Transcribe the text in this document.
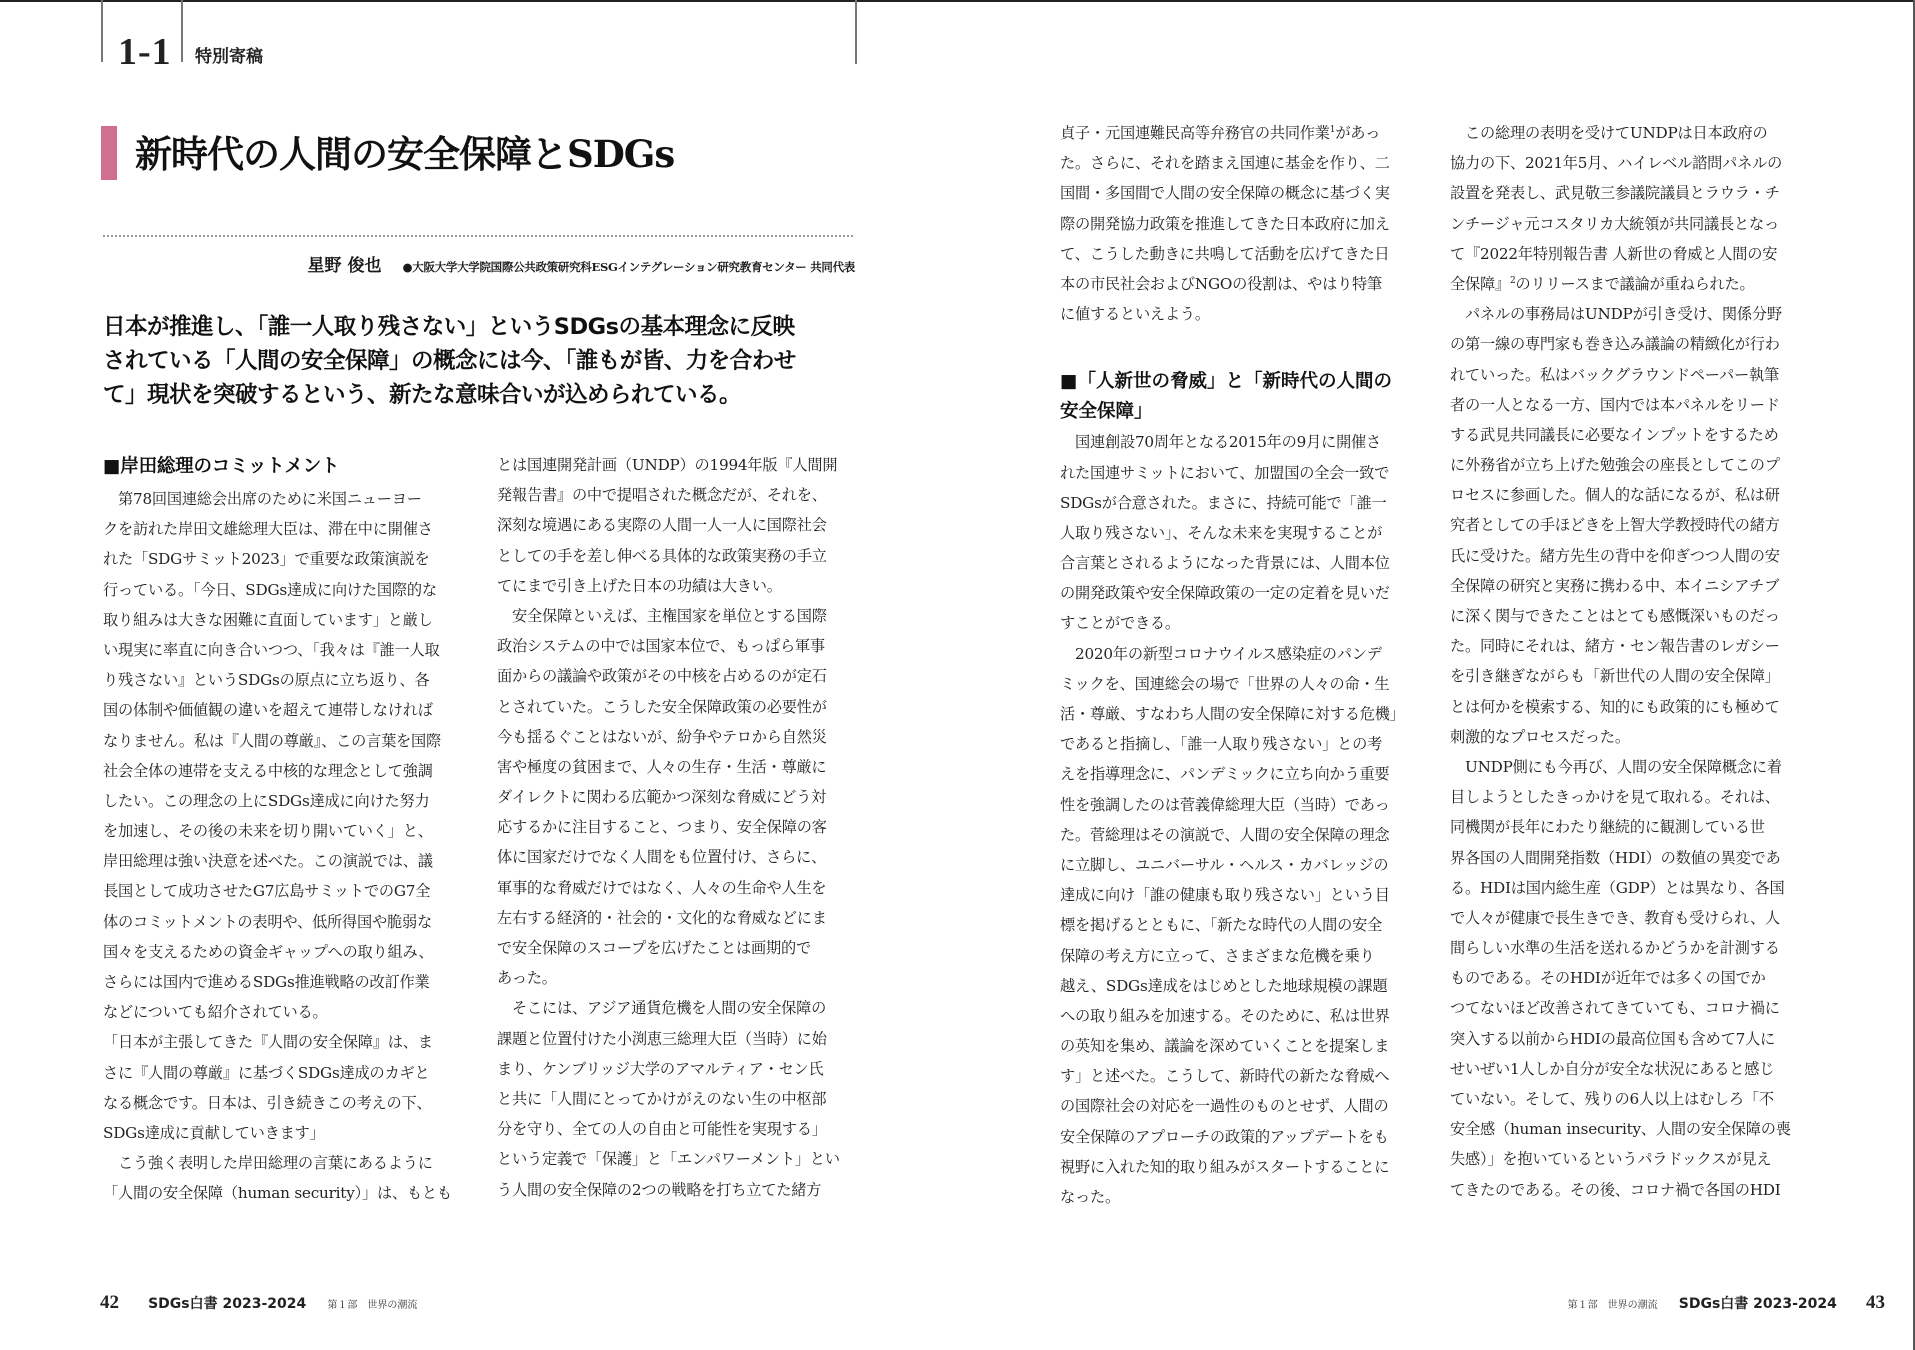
1-1 特別寄稿
新時代の人間の安全保障とSDGs
星野 俊也 ●大阪大学大学院国際公共政策研究科ESGインテグレーション研究教育センター 共同代表
日本が推進し、「誰一人取り残さない」というSDGsの基本理念に反映
されている「人間の安全保障」の概念には今、「誰もが皆、力を合わせ
て」現状を突破するという、新たな意味合いが込められている。
■岸田総理のコミットメント
　第78回国連総会出席のために米国ニューヨー
クを訪れた岸田文雄総理大臣は、滞在中に開催さ
れた「SDGサミット2023」で重要な政策演説を
行っている。「今日、SDGs達成に向けた国際的な
取り組みは大きな困難に直面しています」と厳し
い現実に率直に向き合いつつ、「我々は『誰一人取
り残さない』というSDGsの原点に立ち返り、各
国の体制や価値観の違いを超えて連帯しなければ
なりません。私は『人間の尊厳』、この言葉を国際
社会全体の連帯を支える中核的な理念として強調
したい。この理念の上にSDGs達成に向けた努力
を加速し、その後の未来を切り開いていく」と、
岸田総理は強い決意を述べた。この演説では、議
長国として成功させたG7広島サミットでのG7全
体のコミットメントの表明や、低所得国や脆弱な
国々を支えるための資金ギャップへの取り組み、
さらには国内で進めるSDGs推進戦略の改訂作業
などについても紹介されている。
「日本が主張してきた『人間の安全保障』は、ま
さに『人間の尊厳』に基づくSDGs達成のカギと
なる概念です。日本は、引き続きこの考えの下、
SDGs達成に貢献していきます」
　こう強く表明した岸田総理の言葉にあるように
「人間の安全保障（human security）」は、もとも
とは国連開発計画（UNDP）の1994年版『人間開
発報告書』の中で提唱された概念だが、それを、
深刻な境遇にある実際の人間一人一人に国際社会
としての手を差し伸べる具体的な政策実務の手立
てにまで引き上げた日本の功績は大きい。
　安全保障といえば、主権国家を単位とする国際
政治システムの中では国家本位で、もっぱら軍事
面からの議論や政策がその中核を占めるのが定石
とされていた。こうした安全保障政策の必要性が
今も揺るぐことはないが、紛争やテロから自然災
害や極度の貧困まで、人々の生存・生活・尊厳に
ダイレクトに関わる広範かつ深刻な脅威にどう対
応するかに注目すること、つまり、安全保障の客
体に国家だけでなく人間をも位置付け、さらに、
軍事的な脅威だけではなく、人々の生命や人生を
左右する経済的・社会的・文化的な脅威などにま
で安全保障のスコープを広げたことは画期的で
あった。
　そこには、アジア通貨危機を人間の安全保障の
課題と位置付けた小渕恵三総理大臣（当時）に始
まり、ケンブリッジ大学のアマルティア・セン氏
と共に「人間にとってかけがえのない生の中枢部
分を守り、全ての人の自由と可能性を実現する」
という定義で「保護」と「エンパワーメント」とい
う人間の安全保障の2つの戦略を打ち立てた緒方
貞子・元国連難民高等弁務官の共同作業$^1$があっ
た。さらに、それを踏まえ国連に基金を作り、二
国間・多国間で人間の安全保障の概念に基づく実
際の開発協力政策を推進してきた日本政府に加え
て、こうした動きに共鳴して活動を広げてきた日
本の市民社会およびNGOの役割は、やはり特筆
に値するといえよう。
■「人新世の脅威」と「新時代の人間の
安全保障」
　国連創設70周年となる2015年の9月に開催さ
れた国連サミットにおいて、加盟国の全会一致で
SDGsが合意された。まさに、持続可能で「誰一
人取り残さない」、そんな未来を実現することが
合言葉とされるようになった背景には、人間本位
の開発政策や安全保障政策の一定の定着を見いだ
すことができる。
　2020年の新型コロナウイルス感染症のパンデ
ミックを、国連総会の場で「世界の人々の命・生
活・尊厳、すなわち人間の安全保障に対する危機」
であると指摘し、「誰一人取り残さない」との考
えを指導理念に、パンデミックに立ち向かう重要
性を強調したのは菅義偉総理大臣（当時）であっ
た。菅総理はその演説で、人間の安全保障の理念
に立脚し、ユニバーサル・ヘルス・カバレッジの
達成に向け「誰の健康も取り残さない」という目
標を掲げるとともに、「新たな時代の人間の安全
保障の考え方に立って、さまざまな危機を乗り
越え、SDGs達成をはじめとした地球規模の課題
への取り組みを加速する。そのために、私は世界
の英知を集め、議論を深めていくことを提案しま
す」と述べた。こうして、新時代の新たな脅威へ
の国際社会の対応を一過性のものとせず、人間の
安全保障のアプローチの政策的アップデートをも
視野に入れた知的取り組みがスタートすることに
なった。
　この総理の表明を受けてUNDPは日本政府の
協力の下、2021年5月、ハイレベル諮問パネルの
設置を発表し、武見敬三参議院議員とラウラ・チ
ンチージャ元コスタリカ大統領が共同議長となっ
て『2022年特別報告書 人新世の脅威と人間の安
全保障』$^2$のリリースまで議論が重ねられた。
　パネルの事務局はUNDPが引き受け、関係分野
の第一線の専門家も巻き込み議論の精緻化が行わ
れていった。私はバックグラウンドペーパー執筆
者の一人となる一方、国内では本パネルをリード
する武見共同議長に必要なインプットをするため
に外務省が立ち上げた勉強会の座長としてこのプ
ロセスに参画した。個人的な話になるが、私は研
究者としての手ほどきを上智大学教授時代の緒方
氏に受けた。緒方先生の背中を仰ぎつつ人間の安
全保障の研究と実務に携わる中、本イニシアチブ
に深く関与できたことはとても感慨深いものだっ
た。同時にそれは、緒方・セン報告書のレガシー
を引き継ぎながらも「新世代の人間の安全保障」
とは何かを模索する、知的にも政策的にも極めて
刺激的なプロセスだった。
　UNDP側にも今再び、人間の安全保障概念に着
目しようとしたきっかけを見て取れる。それは、
同機関が長年にわたり継続的に観測している世
界各国の人間開発指数（HDI）の数値の異変であ
る。HDIは国内総生産（GDP）とは異なり、各国
で人々が健康で長生きでき、教育も受けられ、人
間らしい水準の生活を送れるかどうかを計測する
ものである。そのHDIが近年では多くの国でか
つてないほど改善されてきていても、コロナ禍に
突入する以前からHDIの最高位国も含めて7人に
せいぜい1人しか自分が安全な状況にあると感じ
ていない。そして、残りの6人以上はむしろ「不
安全感（human insecurity、人間の安全保障の喪
失感）」を抱いているというパラドックスが見え
てきたのである。その後、コロナ禍で各国のHDI
42 SDGs白書 2023-2024 第１部　世界の潮流	第１部　世界の潮流 SDGs白書 2023-2024 43
